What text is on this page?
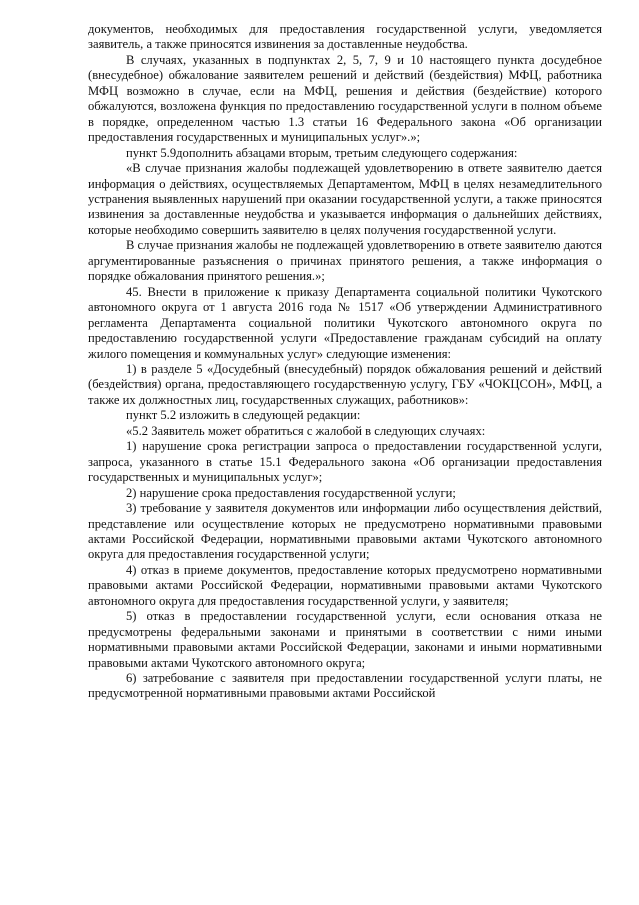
документов, необходимых для предоставления государственной услуги, уведомляется заявитель, а также приносятся извинения за доставленные неудобства.

В случаях, указанных в подпунктах 2, 5, 7, 9 и 10 настоящего пункта досудебное (внесудебное) обжалование заявителем решений и действий (бездействия) МФЦ, работника МФЦ возможно в случае, если на МФЦ, решения и действия (бездействие) которого обжалуются, возложена функция по предоставлению государственной услуги в полном объеме в порядке, определенном частью 1.3 статьи 16 Федерального закона «Об организации предоставления государственных и муниципальных услуг».»;

пункт 5.9дополнить абзацами вторым, третьим следующего содержания:

«В случае признания жалобы подлежащей удовлетворению в ответе заявителю дается информация о действиях, осуществляемых Департаментом, МФЦ в целях незамедлительного устранения выявленных нарушений при оказании государственной услуги, а также приносятся извинения за доставленные неудобства и указывается информация о дальнейших действиях, которые необходимо совершить заявителю в целях получения государственной услуги.

В случае признания жалобы не подлежащей удовлетворению в ответе заявителю даются аргументированные разъяснения о причинах принятого решения, а также информация о порядке обжалования принятого решения.»;

45. Внести в приложение к приказу Департамента социальной политики Чукотского автономного округа от 1 августа 2016 года № 1517 «Об утверждении Административного регламента Департамента социальной политики Чукотского автономного округа по предоставлению государственной услуги «Предоставление гражданам субсидий на оплату жилого помещения и коммунальных услуг» следующие изменения:

1) в разделе 5 «Досудебный (внесудебный) порядок обжалования решений и действий (бездействия) органа, предоставляющего государственную услугу, ГБУ «ЧОКЦСОН», МФЦ, а также их должностных лиц, государственных служащих, работников»:

пункт 5.2 изложить в следующей редакции:

«5.2 Заявитель может обратиться с жалобой в следующих случаях:

1) нарушение срока регистрации запроса о предоставлении государственной услуги, запроса, указанного в статье 15.1 Федерального закона «Об организации предоставления государственных и муниципальных услуг»;

2) нарушение срока предоставления государственной услуги;

3) требование у заявителя документов или информации либо осуществления действий, представление или осуществление которых не предусмотрено нормативными правовыми актами Российской Федерации, нормативными правовыми актами Чукотского автономного округа для предоставления государственной услуги;

4) отказ в приеме документов, предоставление которых предусмотрено нормативными правовыми актами Российской Федерации, нормативными правовыми актами Чукотского автономного округа для предоставления государственной услуги, у заявителя;

5) отказ в предоставлении государственной услуги, если основания отказа не предусмотрены федеральными законами и принятыми в соответствии с ними иными нормативными правовыми актами Российской Федерации, законами и иными нормативными правовыми актами Чукотского автономного округа;

6) затребование с заявителя при предоставлении государственной услуги платы, не предусмотренной нормативными правовыми актами Российской
